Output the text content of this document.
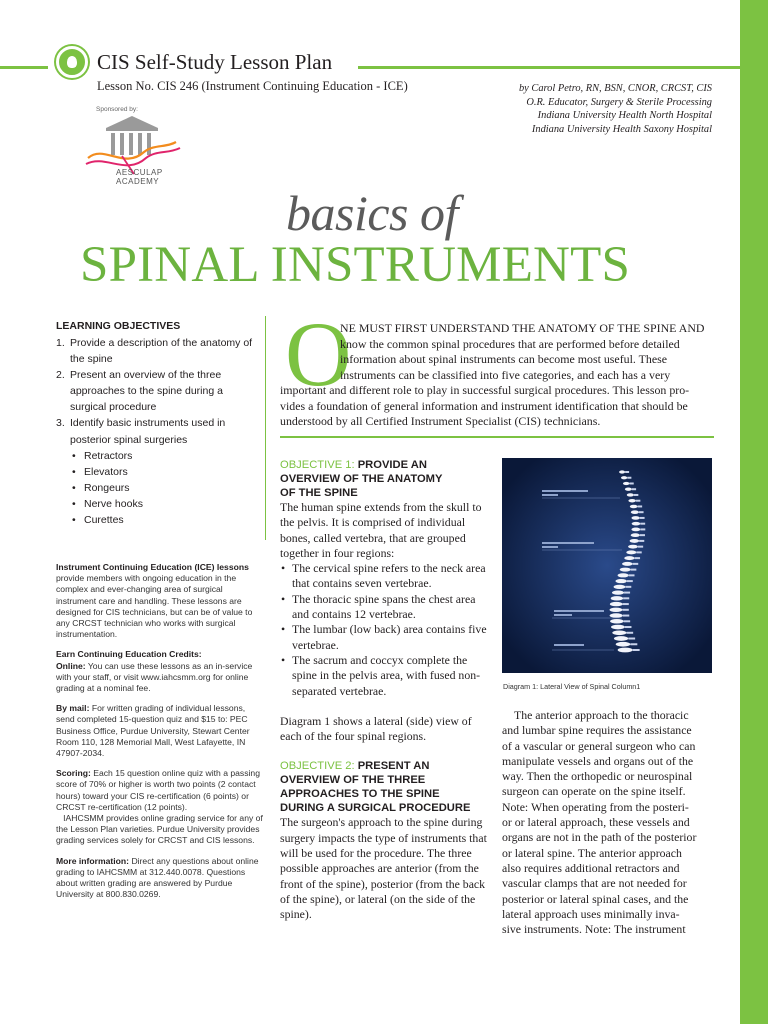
CIS Self-Study Lesson Plan
Lesson No. CIS 246 (Instrument Continuing Education - ICE)	by Carol Petro, RN, BSN, CNOR, CRCST, CIS
O.R. Educator, Surgery & Sterile Processing
Indiana University Health North Hospital
Indiana University Health Saxony Hospital
Sponsored by:
AESCULAP
ACADEMY
basics of
SPINAL INSTRUMENTS
LEARNING OBJECTIVES
1. Provide a description of the anatomy of the spine
2. Present an overview of the three approaches to the spine during a surgical procedure
3. Identify basic instruments used in posterior spinal surgeries
• Retractors
• Elevators
• Rongeurs
• Nerve hooks
• Curettes

Instrument Continuing Education (ICE) lessons provide members with ongoing education in the complex and ever-changing area of surgical instrument care and handling. These lessons are designed for CIS technicians, but can be of value to any CRCST technician who works with surgical instrumentation.

Earn Continuing Education Credits:
Online: You can use these lessons as an in-service with your staff, or visit www.iahcsmm.org for online grading at a nominal fee.

By mail: For written grading of individual lessons, send completed 15-question quiz and $15 to: PEC Business Office, Purdue University, Stewart Center Room 110, 128 Memorial Mall, West Lafayette, IN 47907-2034.

Scoring: Each 15 question online quiz with a passing score of 70% or higher is worth two points (2 contact hours) toward your CIS re-certification (6 points) or CRCST re-certification (12 points).
IAHCSMM provides online grading service for any of the Lesson Plan varieties. Purdue University provides grading services solely for CRCST and CIS lessons.

More information: Direct any questions about online grading to IAHCSMM at 312.440.0078. Questions about written grading are answered by Purdue University at 800.830.0269.

O
NE MUST FIRST UNDERSTAND THE ANATOMY OF THE SPINE AND
know the common spinal procedures that are performed before detailed
information about spinal instruments can become most useful. These
instruments can be classified into five categories, and each has a very
important and different role to play in successful surgical procedures. This lesson pro-
vides a foundation of general information and instrument identification that should be
understood by all Certified Instrument Specialist (CIS) technicians.
OBJECTIVE 1: PROVIDE AN
OVERVIEW OF THE ANATOMY
OF THE SPINE

The human spine extends from the skull to the pelvis. It is comprised of individual bones, called vertebra, that are grouped together in four regions:

• The cervical spine refers to the neck area that contains seven vertebrae.
• The thoracic spine spans the chest area and contains 12 vertebrae.
• The lumbar (low back) area contains five vertebrae.
• The sacrum and coccyx complete the spine in the pelvis area, with fused non-separated vertebrae.

Diagram 1 shows a lateral (side) view of each of the four spinal regions.

OBJECTIVE 2: PRESENT AN
OVERVIEW OF THE THREE
APPROACHES TO THE SPINE
DURING A SURGICAL PROCEDURE

The surgeon's approach to the spine during surgery impacts the type of instruments that will be used for the procedure. The three possible approaches are anterior (from the front of the spine), posterior (from the back of the spine), or lateral (on the side of the spine).

Diagram 1: Lateral View of Spinal Column1
The anterior approach to the thoracic
and lumbar spine requires the assistance
of a vascular or general surgeon who can
manipulate vessels and organs out of the
way. Then the orthopedic or neurospinal
surgeon can operate on the spine itself.
Note: When operating from the posteri-
or or lateral approach, these vessels and
organs are not in the path of the posterior
or lateral spine. The anterior approach
also requires additional retractors and
vascular clamps that are not needed for
posterior or lateral spinal cases, and the
lateral approach uses minimally inva-
sive instruments. Note: The instrument
